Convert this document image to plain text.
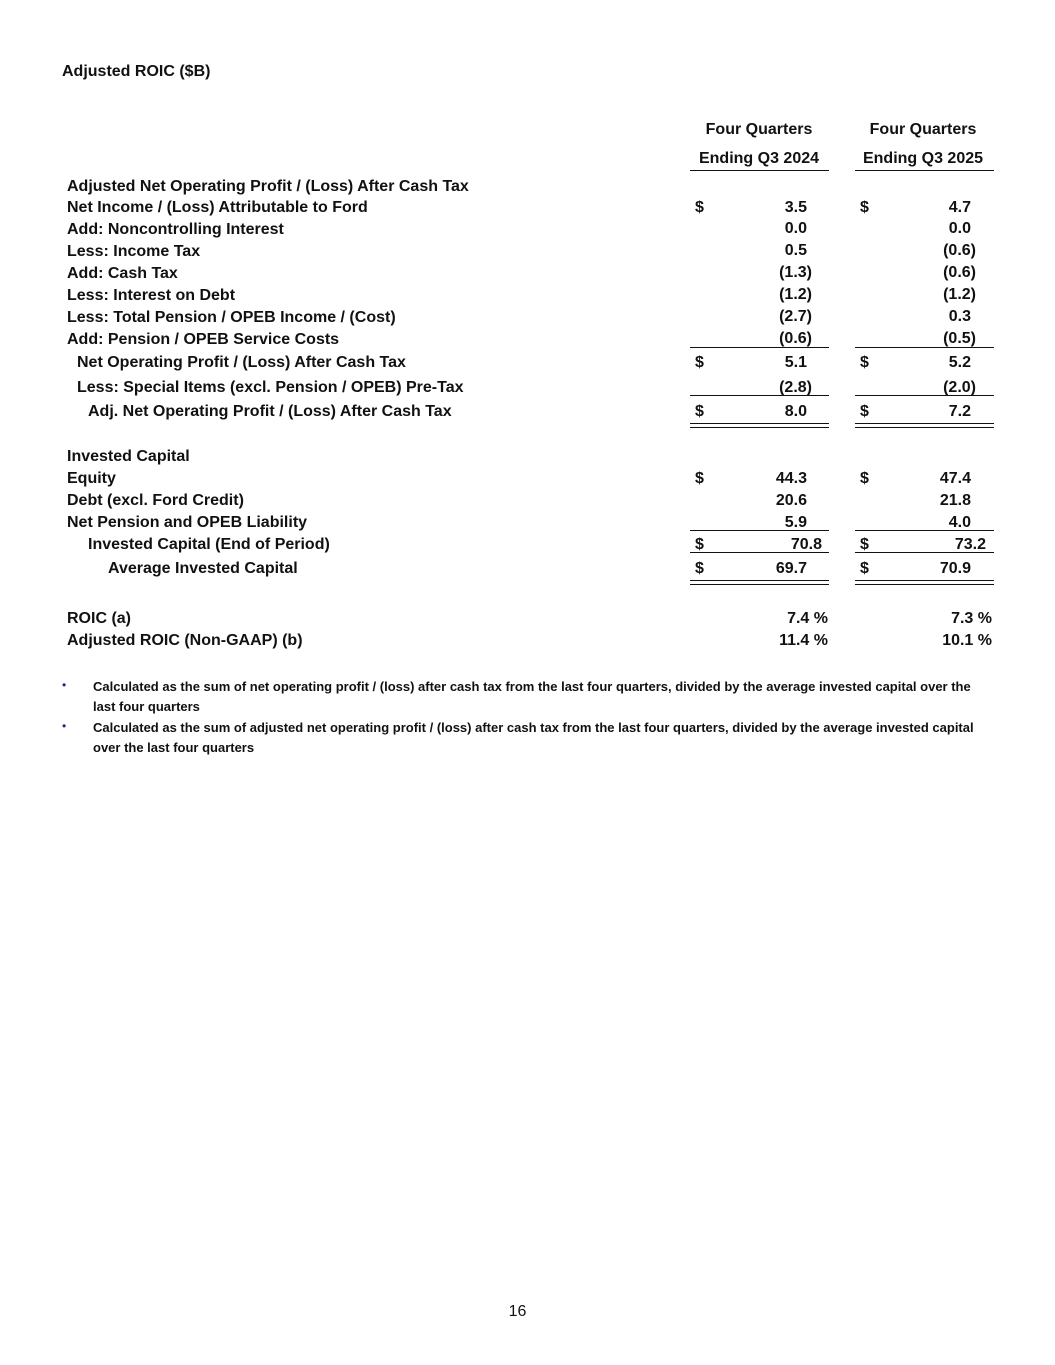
Adjusted ROIC ($B)
Four Quarters
Ending Q3 2024
Four Quarters
Ending Q3 2025
Adjusted Net Operating Profit / (Loss) After Cash Tax
Net Income / (Loss) Attributable to Ford	$	3.5	$	4.7
Add: Noncontrolling Interest	0.0	0.0
Less: Income Tax	0.5	(0.6)
Add: Cash Tax	(1.3)	(0.6)
Less: Interest on Debt	(1.2)	(1.2)
Less: Total Pension / OPEB Income / (Cost)	(2.7)	0.3
Add: Pension / OPEB Service Costs	(0.6)	(0.5)
Net Operating Profit / (Loss) After Cash Tax	$	5.1	$	5.2
Less: Special Items (excl. Pension / OPEB) Pre-Tax	(2.8)	(2.0)
Adj. Net Operating Profit / (Loss) After Cash Tax	$	8.0	$	7.2
Invested Capital
Equity	$	44.3	$	47.4
Debt (excl. Ford Credit)	20.6	21.8
Net Pension and OPEB Liability	5.9	4.0
Invested Capital (End of Period)	$	70.8 $	73.2
Average Invested Capital	$	69.7	$	70.9
ROIC (a)	7.4 %	7.3 %
Adjusted ROIC (Non-GAAP) (b)	11.4 %	10.1 %
• Calculated as the sum of net operating profit / (loss) after cash tax from the last four quarters, divided by the average invested capital over the last four quarters
• Calculated as the sum of adjusted net operating profit / (loss) after cash tax from the last four quarters, divided by the average invested capital over the last four quarters
16
